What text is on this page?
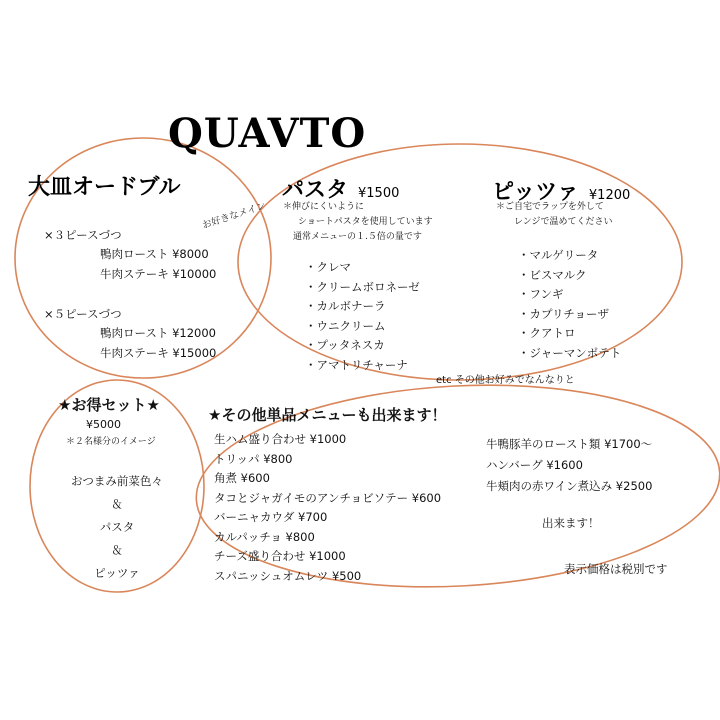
QUAVTO
大皿オードブル
お好きなメイン
×３ピースづつ
鴨肉ロースト ¥8000
牛肉ステーキ ¥10000
×５ピースづつ
鴨肉ロースト ¥12000
牛肉ステーキ ¥15000
パスタ ¥1500
＊伸びにくいように
ショートパスタを使用しています
通常メニューの１.５倍の量です
・クレマ
・クリームボロネーゼ
・カルボナーラ
・ウニクリーム
・プッタネスカ
・アマトリチャーナ
etc その他お好みでなんなりと
ピッツァ ¥1200
＊ご自宅でラップを外して
レンジで温めてください
・マルゲリータ
・ビスマルク
・フンギ
・カプリチョーザ
・クアトロ
・ジャーマンポテト
★お得セット★
¥5000
＊２名様分のイメージ
おつまみ前菜色々
＆
パスタ
＆
ピッツァ
★その他単品メニューも出来ます！
生ハム盛り合わせ ¥1000
トリッパ ¥800
角煮 ¥600
タコとジャガイモのアンチョビソテー ¥600
バーニャカウダ ¥700
カルパッチョ ¥800
チーズ盛り合わせ ¥1000
スパニッシュオムレツ ¥500
牛鴨豚羊のロースト類 ¥1700〜
ハンバーグ ¥1600
牛頬肉の赤ワイン煮込み ¥2500
出来ます！
表示価格は税別です
